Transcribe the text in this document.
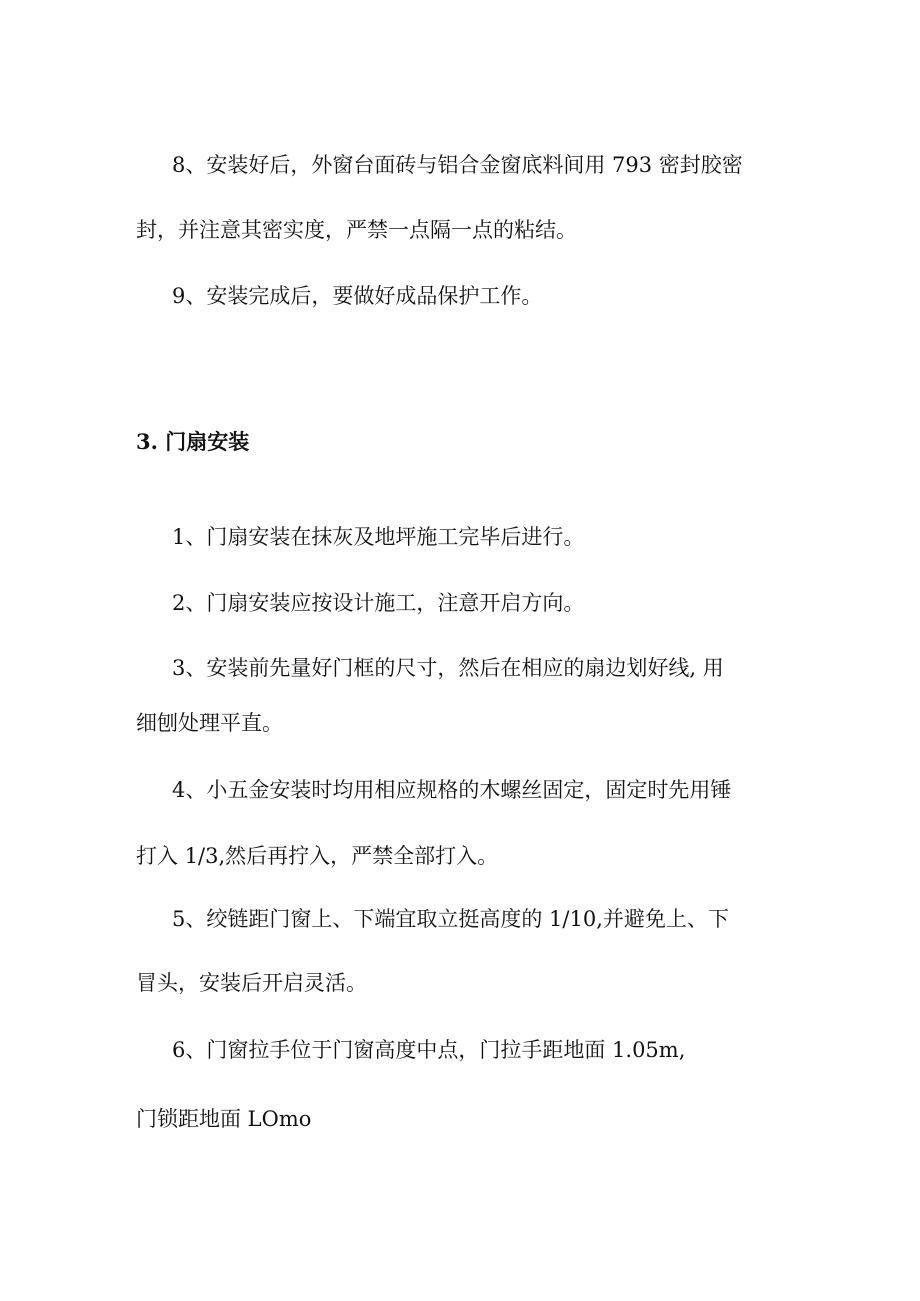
8、安装好后，外窗台面砖与铝合金窗底料间用 793 密封胶密
封，并注意其密实度，严禁一点隔一点的粘结。
9、安装完成后，要做好成品保护工作。
3. 门扇安装
1、门扇安装在抹灰及地坪施工完毕后进行。
2、门扇安装应按设计施工，注意开启方向。
3、安装前先量好门框的尺寸，然后在相应的扇边划好线, 用
细刨处理平直。
4、小五金安装时均用相应规格的木螺丝固定，固定时先用锤
打入 1/3,然后再拧入，严禁全部打入。
5、绞链距门窗上、下端宜取立挺高度的 1/10,并避免上、下
冒头，安装后开启灵活。
6、门窗拉手位于门窗高度中点，门拉手距地面 1.05m,
门锁距地面 LOmo
